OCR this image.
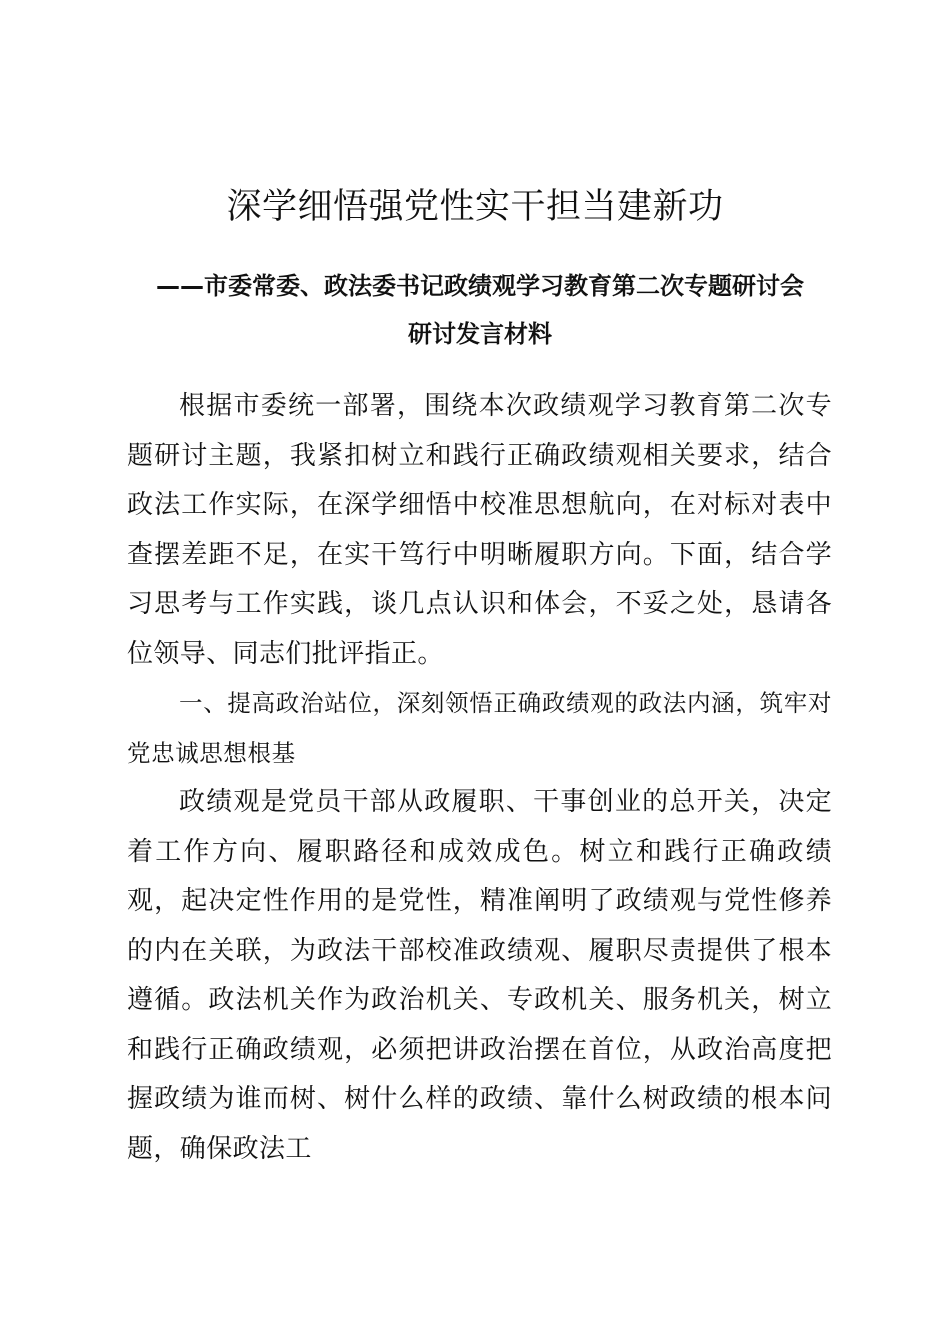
深学细悟强党性实干担当建新功
——市委常委、政法委书记政绩观学习教育第二次专题研讨会
研讨发言材料

根据市委统一部署，围绕本次政绩观学习教育第二次专题研讨主题，我紧扣树立和践行正确政绩观相关要求，结合政法工作实际，在深学细悟中校准思想航向，在对标对表中查摆差距不足，在实干笃行中明晰履职方向。下面，结合学习思考与工作实践，谈几点认识和体会，不妥之处，恳请各位领导、同志们批评指正。

一、提高政治站位，深刻领悟正确政绩观的政法内涵，筑牢对党忠诚思想根基

政绩观是党员干部从政履职、干事创业的总开关，决定着工作方向、履职路径和成效成色。树立和践行正确政绩观，起决定性作用的是党性，精准阐明了政绩观与党性修养的内在关联，为政法干部校准政绩观、履职尽责提供了根本遵循。政法机关作为政治机关、专政机关、服务机关，树立和践行正确政绩观，必须把讲政治摆在首位，从政治高度把握政绩为谁而树、树什么样的政绩、靠什么树政绩的根本问题，确保政法工
